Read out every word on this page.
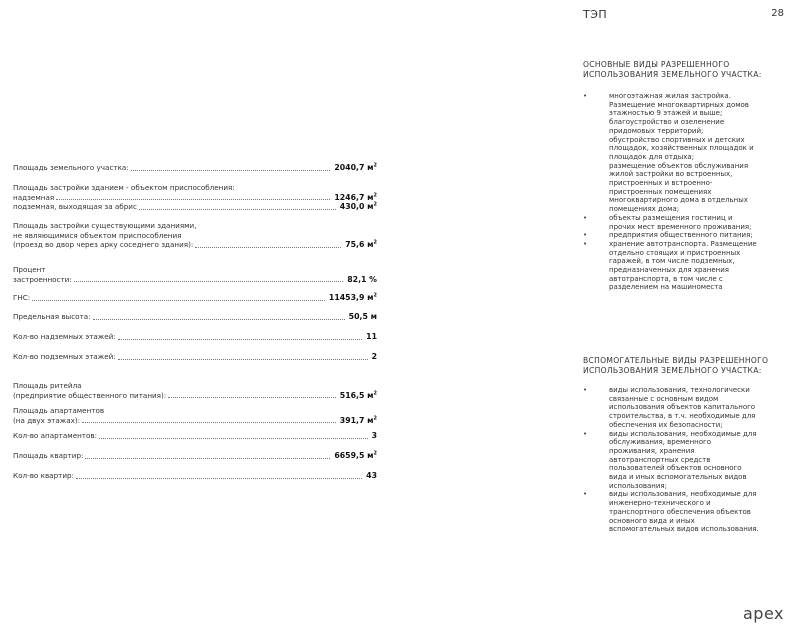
ТЭП	28
Площадь земельного участка:	2040,7 $м^2$
Площадь застройки зданием - объектом приспособления:
надземная	1246,7 $м^2$
подземная, выходящая за абрис	430,0 $м^2$
Площадь застройки существующими зданиями,
не являющимися объектом приспособления
(проезд во двор через арку соседнего здания):	75,6 $м^2$
Процент
застроенности:	82,1 %
ГНС:	11453,9 $м^2$
Предельная высота:	50,5 м
Кол-во надземных этажей:	11
Кол-во подземных этажей:	2
Площадь ритейла
(предприятие общественного питания):	516,5 $м^2$
Площадь апартаментов
(на двух этажах):	391,7 $м^2$
Кол-во апартаментов:	3
Площадь квартир:	6659,5 $м^2$
Кол-во квартир:	43
ОСНОВНЫЕ ВИДЫ РАЗРЕШЕННОГО
ИСПОЛЬЗОВАНИЯ ЗЕМЕЛЬНОГО УЧАСТКА:
• многоэтажная жилая застройка.
Размещение многоквартирных домов
этажностью 9 этажей и выше;
благоустройство и озеленение
придомовых территорий;
обустройство спортивных и детских
площадок, хозяйственных площадок и
площадок для отдыха;
размещение объектов обслуживания
жилой застройки во встроенных,
пристроенных и встроенно-
пристроенных помещениях
многоквартирного дома в отдельных
помещениях дома;
• объекты размещения гостиниц и
прочих мест временного проживания;
• предприятия общественного питания;
• хранение автотранспорта. Размещение
отдельно стоящих и пристроенных
гаражей, в том числе подземных,
предназначенных для хранения
автотранспорта, в том числе с
разделением на машиноместа
ВСПОМОГАТЕЛЬНЫЕ ВИДЫ РАЗРЕШЕННОГО
ИСПОЛЬЗОВАНИЯ ЗЕМЕЛЬНОГО УЧАСТКА:
• виды использования, технологически
связанные с основным видом
использования объектов капитального
строительства, в т.ч. необходимые для
обеспечения их безопасности;
• виды использования, необходимые для
обслуживания, временного
проживания, хранения
автотранспортных средств
пользователей объектов основного
вида и иных вспомогательных видов
использования;
• виды использования, необходимые для
инженерно-технического и
транспортного обеспечения объектов
основного вида и иных
вспомогательных видов использования.
apex
